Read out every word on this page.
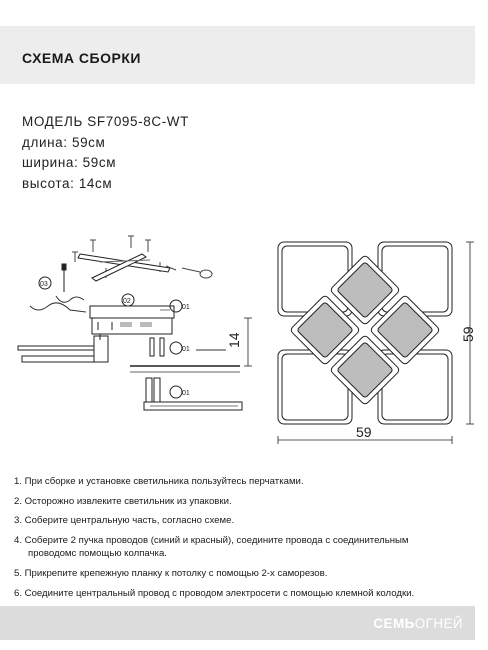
СХЕМА СБОРКИ
МОДЕЛЬ SF7095-8C-WT
длина: 59см
ширина: 59см
высота: 14см
03
02
01
01
01
14
59
59
1. При сборке и установке светильника пользуйтесь перчатками.
2. Осторожно извлеките светильник из упаковки.
3. Соберите центральную часть, согласно схеме.
4. Соберите 2 пучка проводов (синий и красный), соедините провода с соединительным
проводомс помощью колпачка.
5. Прикрепите крепежную планку к потолку с помощью 2-х саморезов.
6. Соедините центральный провод с проводом электросети с помощью клемной колодки.
СЕМЬОГНЕЙ
